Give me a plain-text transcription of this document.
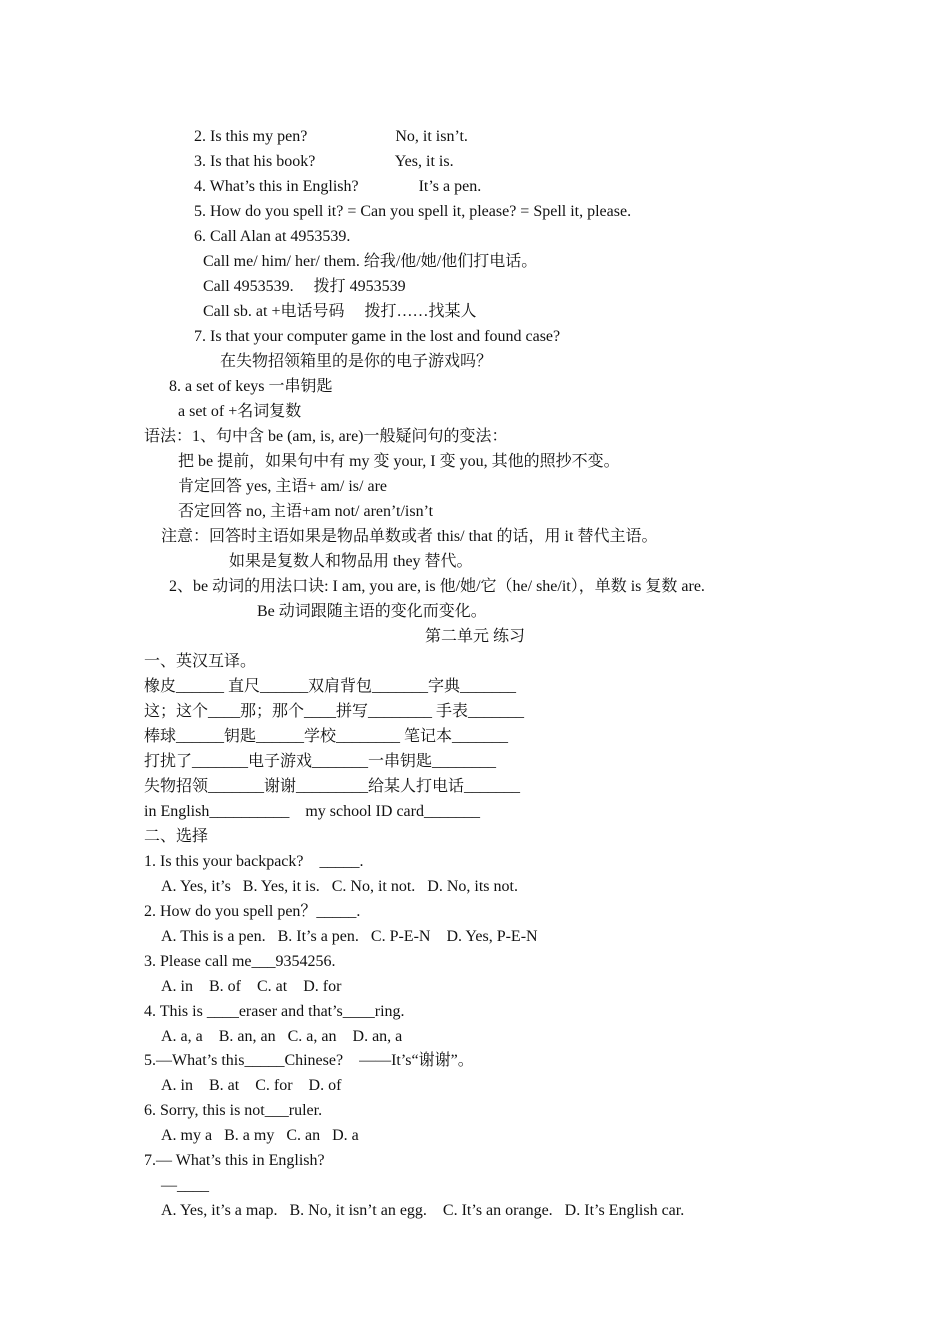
2. Is this my pen?                      No, it isn’t.
3. Is that his book?                    Yes, it is.
4. What’s this in English?               It’s a pen.
5. How do you spell it? = Can you spell it, please? = Spell it, please.
6. Call Alan at 4953539.
Call me/ him/ her/ them. 给我/他/她/他们打电话。
Call 4953539.     拨打 4953539
Call sb. at +电话号码     拨打……找某人
7. Is that your computer game in the lost and found case?
在失物招领箱里的是你的电子游戏吗？
8. a set of keys 一串钥匙
a set of +名词复数
语法：1、句中含 be (am, is, are)一般疑问句的变法：
把 be 提前，如果句中有 my 变 your, I 变 you, 其他的照抄不变。
肯定回答 yes, 主语+ am/ is/ are
否定回答 no, 主语+am not/ aren’t/isn’t
注意：回答时主语如果是物品单数或者 this/ that 的话，用 it 替代主语。
如果是复数人和物品用 they 替代。
2、be 动词的用法口诀: I am, you are, is 他/她/它（he/ she/it），单数 is 复数 are.
Be 动词跟随主语的变化而变化。
第二单元 练习
一、英汉互译。
橡皮______ 直尺______双肩背包_______字典_______
这；这个____那；那个____拼写________ 手表_______
棒球______钥匙______学校________ 笔记本_______
打扰了_______电子游戏_______一串钥匙________
失物招领_______谢谢_________给某人打电话_______
in English__________    my school ID card_______
二、选择
1. Is this your backpack?    _____.
A. Yes, it’s   B. Yes, it is.   C. No, it not.   D. No, its not.
2. How do you spell pen？_____.
A. This is a pen.   B. It’s a pen.   C. P-E-N    D. Yes, P-E-N
3. Please call me___9354256.
A. in    B. of    C. at    D. for
4. This is ____eraser and that’s____ring.
A. a, a    B. an, an   C. a, an    D. an, a
5.—What’s this_____Chinese?    ——It’s“谢谢”。
A. in    B. at    C. for    D. of
6. Sorry, this is not___ruler.
A. my a   B. a my   C. an   D. a
7.— What’s this in English?
—____
A. Yes, it’s a map.   B. No, it isn’t an egg.    C. It’s an orange.   D. It’s English car.
